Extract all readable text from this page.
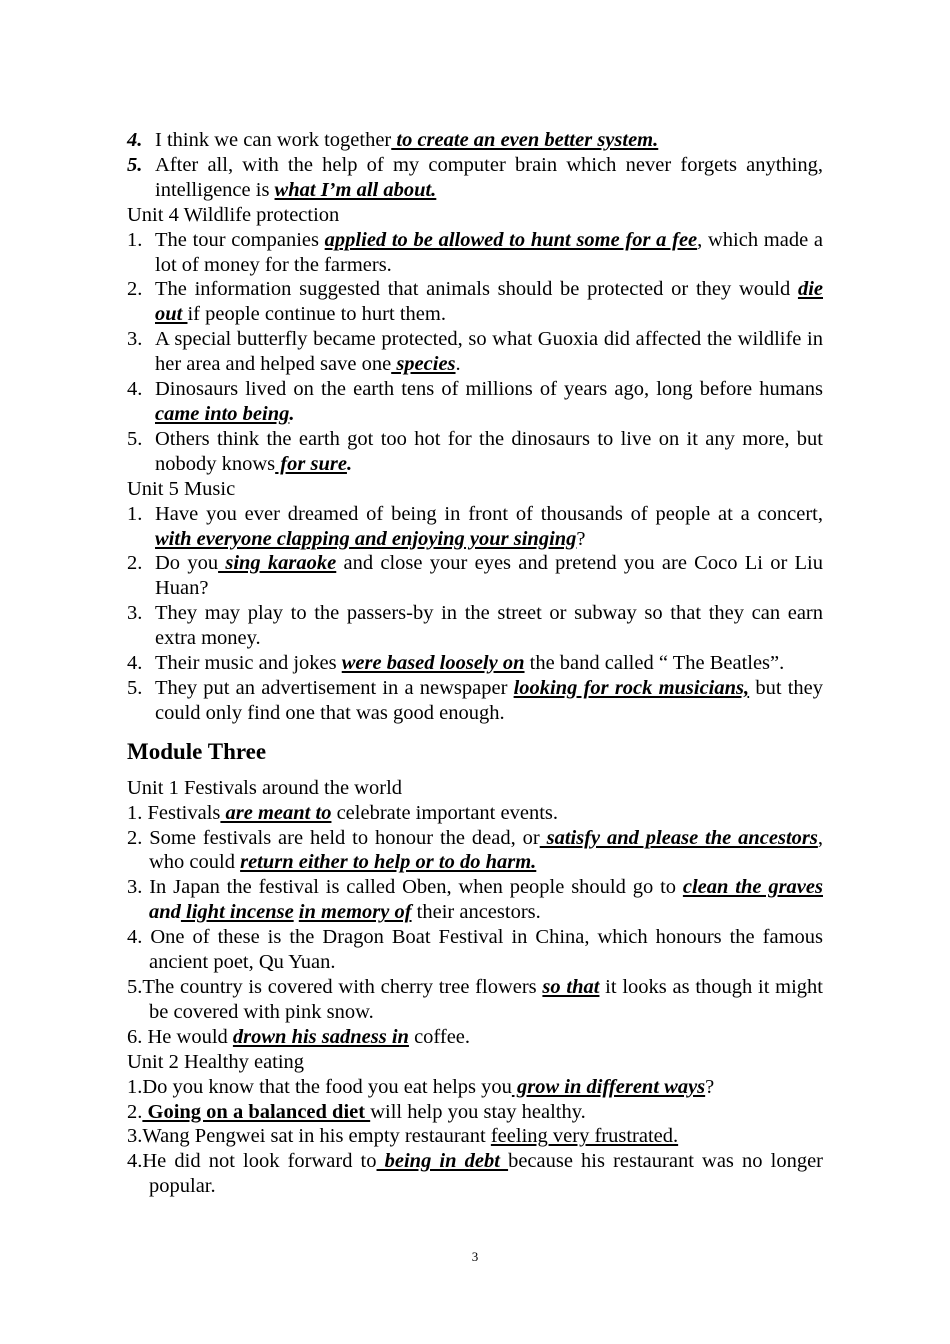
4. I think we can work together to create an even better system.
5. After all, with the help of my computer brain which never forgets anything, intelligence is what I’m all about.
Unit 4 Wildlife protection
1. The tour companies applied to be allowed to hunt some for a fee, which made a lot of money for the farmers.
2. The information suggested that animals should be protected or they would die out if people continue to hurt them.
3. A special butterfly became protected, so what Guoxia did affected the wildlife in her area and helped save one species.
4. Dinosaurs lived on the earth tens of millions of years ago, long before humans came into being.
5. Others think the earth got too hot for the dinosaurs to live on it any more, but nobody knows for sure.
Unit 5 Music
1. Have you ever dreamed of being in front of thousands of people at a concert, with everyone clapping and enjoying your singing?
2. Do you sing karaoke and close your eyes and pretend you are Coco Li or Liu Huan?
3. They may play to the passers-by in the street or subway so that they can earn extra money.
4. Their music and jokes were based loosely on the band called “ The Beatles”.
5. They put an advertisement in a newspaper looking for rock musicians, but they could only find one that was good enough.
Module Three
Unit 1 Festivals around the world
1. Festivals are meant to celebrate important events.
2. Some festivals are held to honour the dead, or satisfy and please the ancestors, who could return either to help or to do harm.
3. In Japan the festival is called Oben, when people should go to clean the graves and light incense in memory of their ancestors.
4. One of these is the Dragon Boat Festival in China, which honours the famous ancient poet, Qu Yuan.
5.The country is covered with cherry tree flowers so that it looks as though it might be covered with pink snow.
6. He would drown his sadness in coffee.
Unit 2 Healthy eating
1.Do you know that the food you eat helps you grow in different ways?
2. Going on a balanced diet will help you stay healthy.
3.Wang Pengwei sat in his empty restaurant feeling very frustrated.
4.He did not look forward to being in debt because his restaurant was no longer popular.
3
